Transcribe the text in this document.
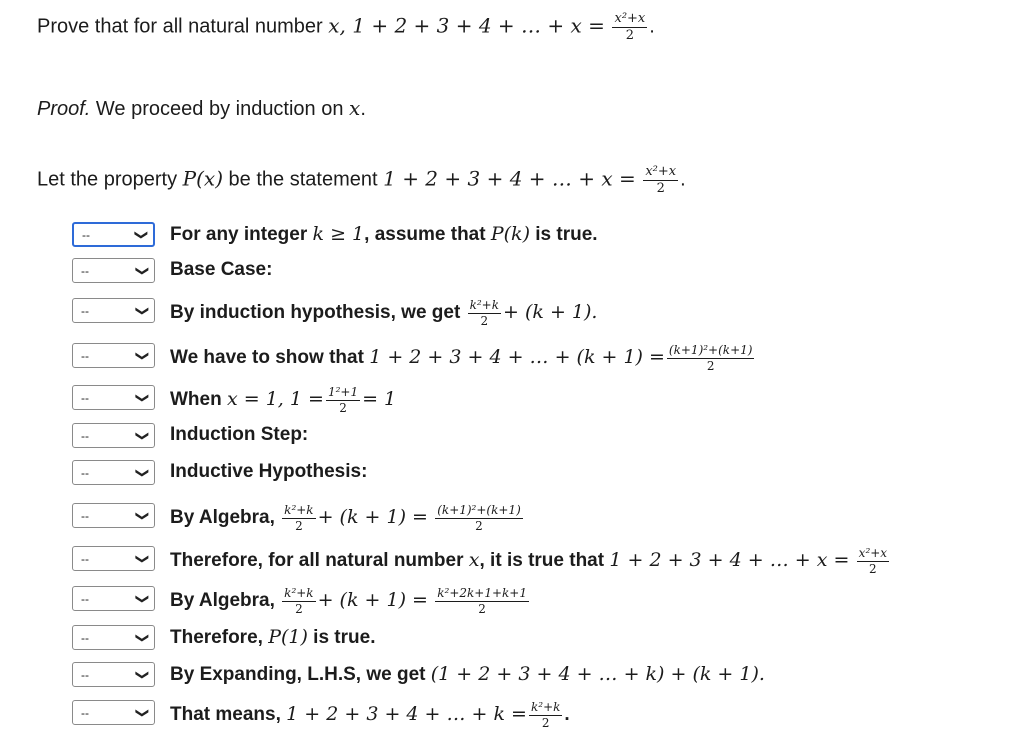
Prove that for all natural number x, 1 + 2 + 3 + 4 + … + $x = \frac{\text{x²+x}}{2}$ .
Proof. We proceed by induction on x.
Let the property P(x) be the statement 1 + 2 + 3 + 4 + … + $x = \frac{\text{x²+x}}{2}$ .
--	❯ For any integer k ≥ 1, assume that P(k) is true.
--	❯ Base Case:
--	❯ By induction hypothesis, we get $\frac{\text{k²+k}}{2} + (k + 1)$.
--	❯ We have to show that 1 + 2 + 3 + 4 + … + $(k + 1) = \frac{\text{(k+1)²+(k+1)}}{2}$
--	❯ When x = 1, $1 = \frac{\text{1²+1}}{2} = 1$
--	❯ Induction Step:
--	❯ Inductive Hypothesis:
--	❯ By Algebra, $\frac{\text{k²+k}}{2} + (k + 1) = \frac{\text{(k+1)²+(k+1)}}{2}$
--	❯ Therefore, for all natural number x, it is true that 1 + 2 + 3 + 4 + … + $x = \frac{\text{x²+x}}{2}$
--	❯ By Algebra, $\frac{\text{k²+k}}{2} + (k + 1) = \frac{\text{k²+2k+1+k+1}}{2}$
--	❯ Therefore, P(1) is true.
--	❯ By Expanding, L.H.S, we get (1 + 2 + 3 + 4 + … + k) + (k + 1).
--	❯ That means, 1 + 2 + 3 + 4 + … + $k = \frac{\text{k²+k}}{2}$ .
